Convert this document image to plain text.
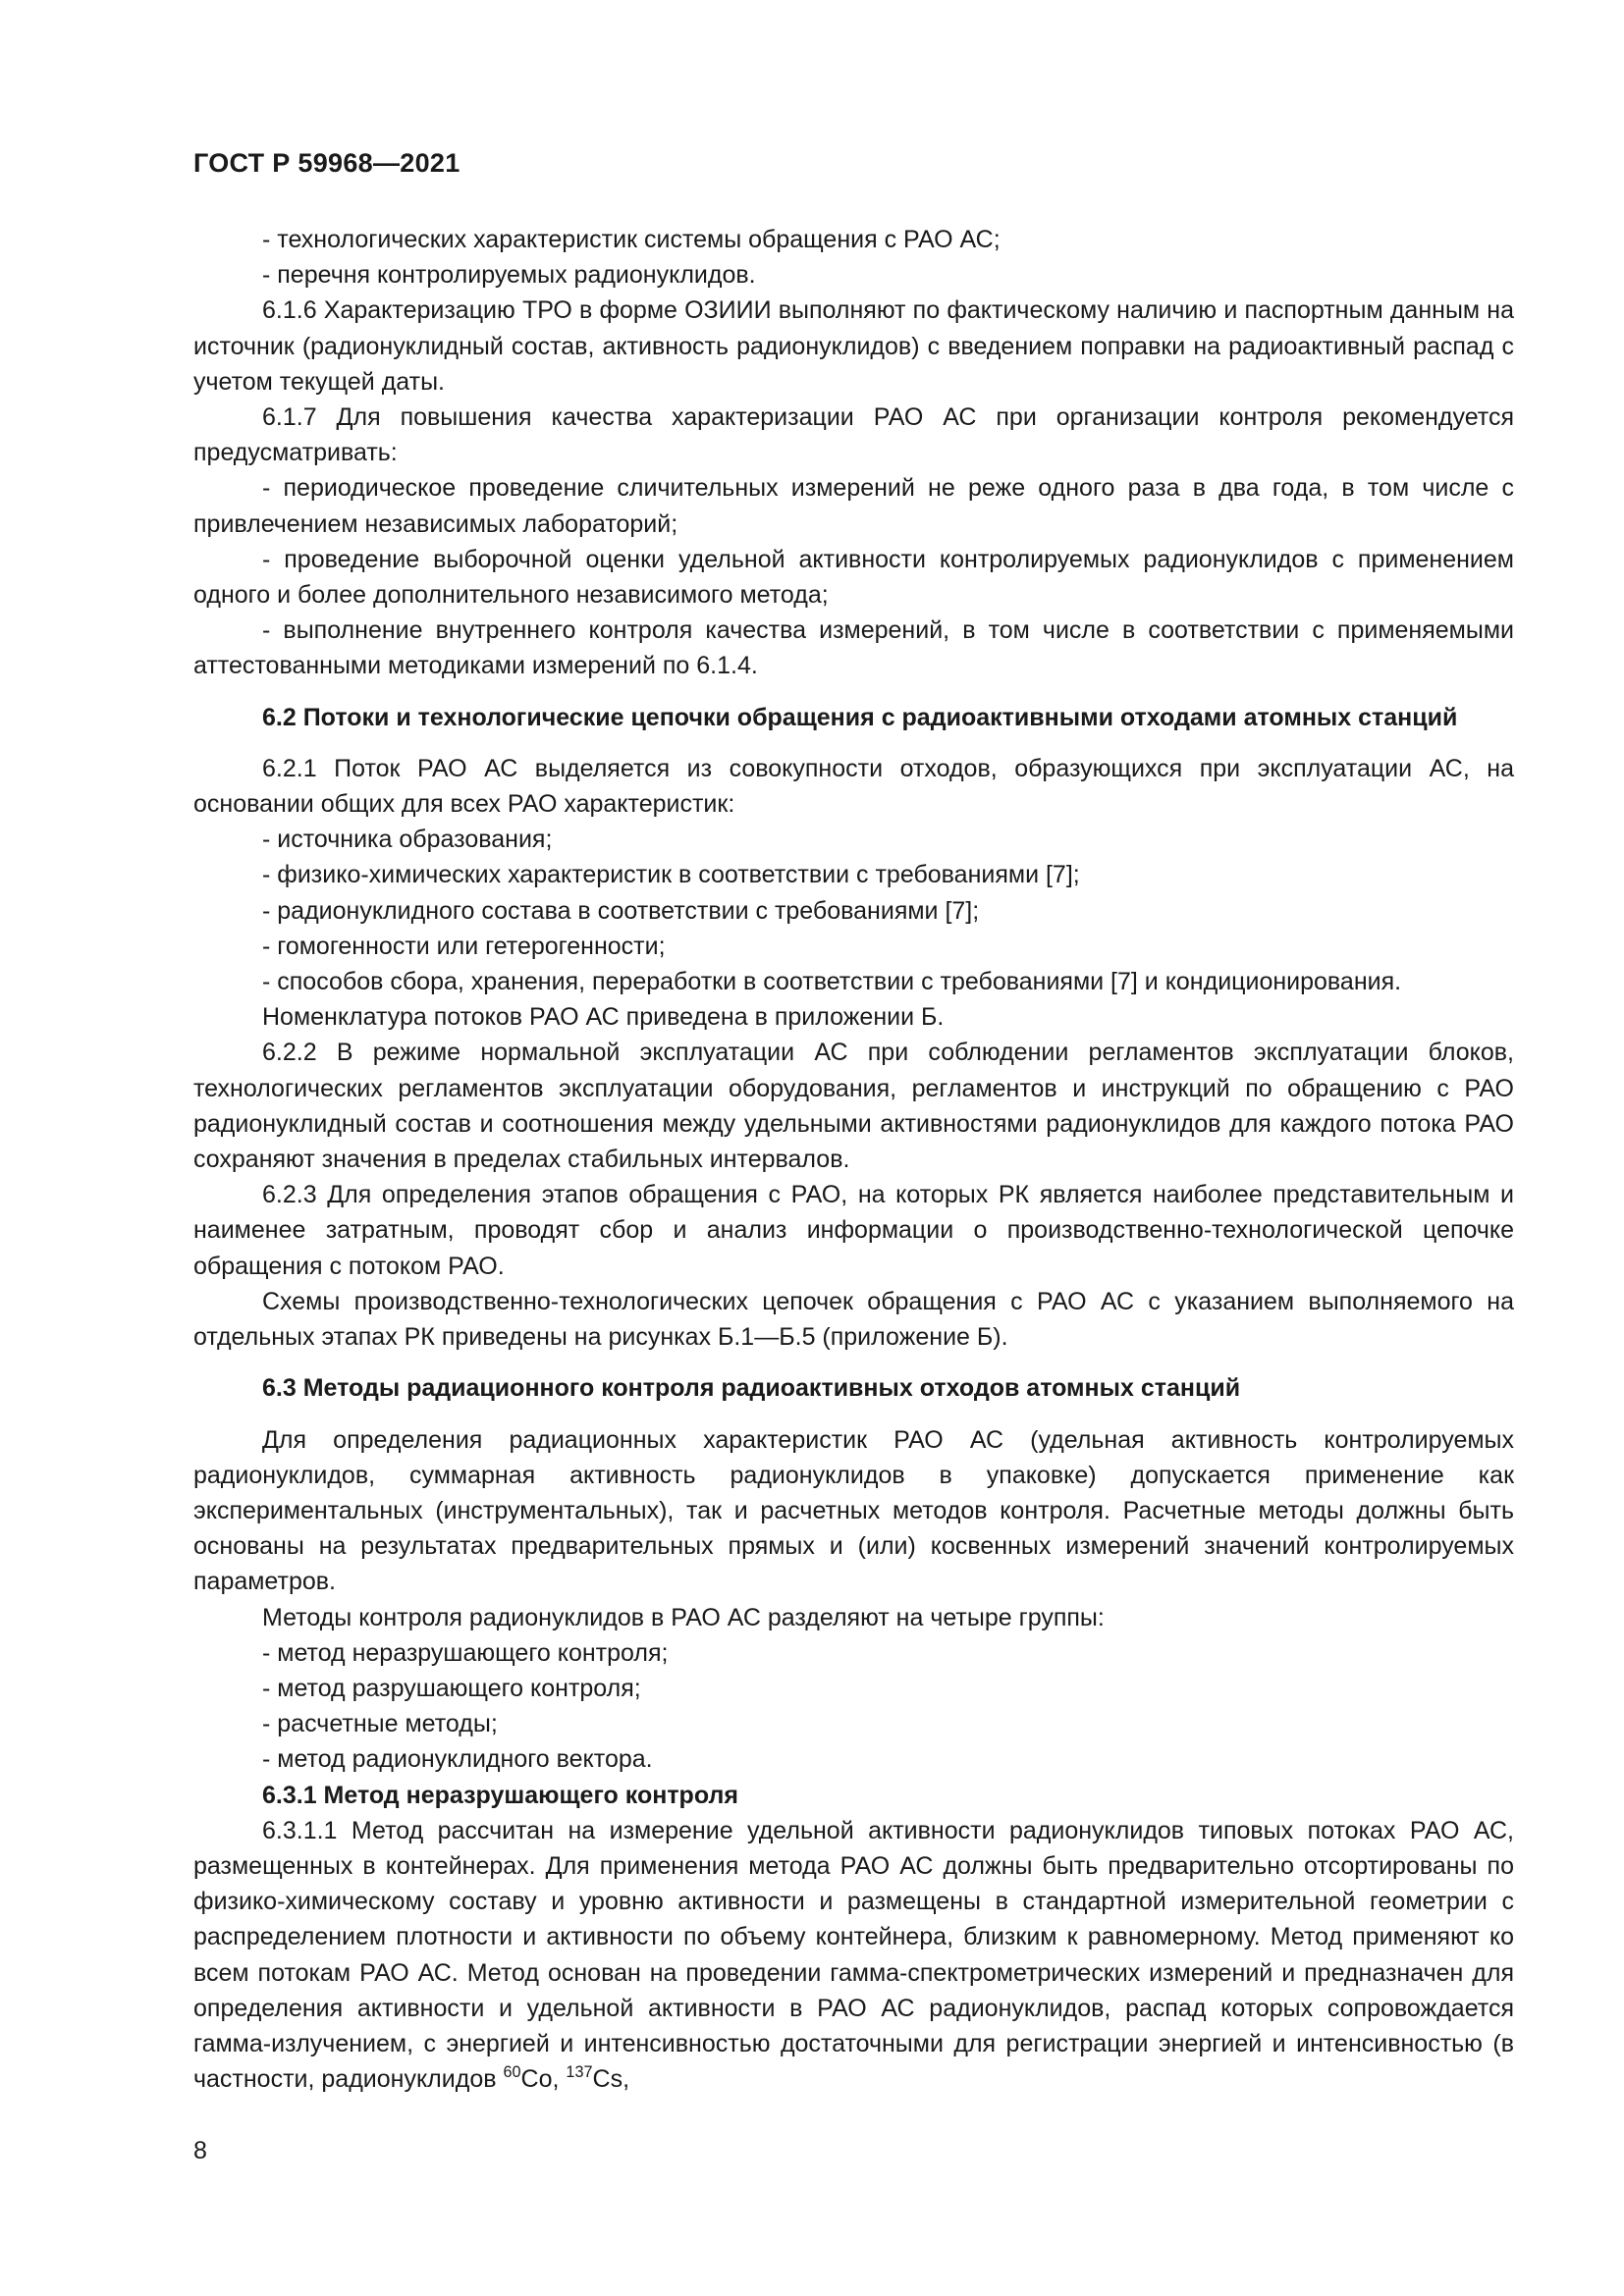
ГОСТ Р 59968—2021

- технологических характеристик системы обращения с РАО АС;

- перечня контролируемых радионуклидов.

6.1.6 Характеризацию ТРО в форме ОЗИИИ выполняют по фактическому наличию и паспортным данным на источник (радионуклидный состав, активность радионуклидов) с введением поправки на радиоактивный распад с учетом текущей даты.

6.1.7 Для повышения качества характеризации РАО АС при организации контроля рекомендуется предусматривать:

- периодическое проведение сличительных измерений не реже одного раза в два года, в том числе с привлечением независимых лабораторий;

- проведение выборочной оценки удельной активности контролируемых радионуклидов с применением одного и более дополнительного независимого метода;

- выполнение внутреннего контроля качества измерений, в том числе в соответствии с применяемыми аттестованными методиками измерений по 6.1.4.

6.2 Потоки и технологические цепочки обращения с радиоактивными отходами атомных станций

6.2.1 Поток РАО АС выделяется из совокупности отходов, образующихся при эксплуатации АС, на основании общих для всех РАО характеристик:

- источника образования;

- физико-химических характеристик в соответствии с требованиями [7];

- радионуклидного состава в соответствии с требованиями [7];

- гомогенности или гетерогенности;

- способов сбора, хранения, переработки в соответствии с требованиями [7] и кондиционирования.

Номенклатура потоков РАО АС приведена в приложении Б.

6.2.2 В режиме нормальной эксплуатации АС при соблюдении регламентов эксплуатации блоков, технологических регламентов эксплуатации оборудования, регламентов и инструкций по обращению с РАО радионуклидный состав и соотношения между удельными активностями радионуклидов для каждого потока РАО сохраняют значения в пределах стабильных интервалов.

6.2.3 Для определения этапов обращения с РАО, на которых РК является наиболее представительным и наименее затратным, проводят сбор и анализ информации о производственно-технологической цепочке обращения с потоком РАО.

Схемы производственно-технологических цепочек обращения с РАО АС с указанием выполняемого на отдельных этапах РК приведены на рисунках Б.1—Б.5 (приложение Б).

6.3 Методы радиационного контроля радиоактивных отходов атомных станций

Для определения радиационных характеристик РАО АС (удельная активность контролируемых радионуклидов, суммарная активность радионуклидов в упаковке) допускается применение как экспериментальных (инструментальных), так и расчетных методов контроля. Расчетные методы должны быть основаны на результатах предварительных прямых и (или) косвенных измерений значений контролируемых параметров.

Методы контроля радионуклидов в РАО АС разделяют на четыре группы:

- метод неразрушающего контроля;

- метод разрушающего контроля;

- расчетные методы;

- метод радионуклидного вектора.

6.3.1 Метод неразрушающего контроля

6.3.1.1 Метод рассчитан на измерение удельной активности радионуклидов типовых потоках РАО АС, размещенных в контейнерах. Для применения метода РАО АС должны быть предварительно отсортированы по физико-химическому составу и уровню активности и размещены в стандартной измерительной геометрии с распределением плотности и активности по объему контейнера, близким к равномерному. Метод применяют ко всем потокам РАО АС. Метод основан на проведении гамма-спектрометрических измерений и предназначен для определения активности и удельной активности в РАО АС радионуклидов, распад которых сопровождается гамма-излучением, с энергией и интенсивностью достаточными для регистрации энергией и интенсивностью (в частности, радионуклидов $^{60}$Co, $^{137}$Cs,

8
